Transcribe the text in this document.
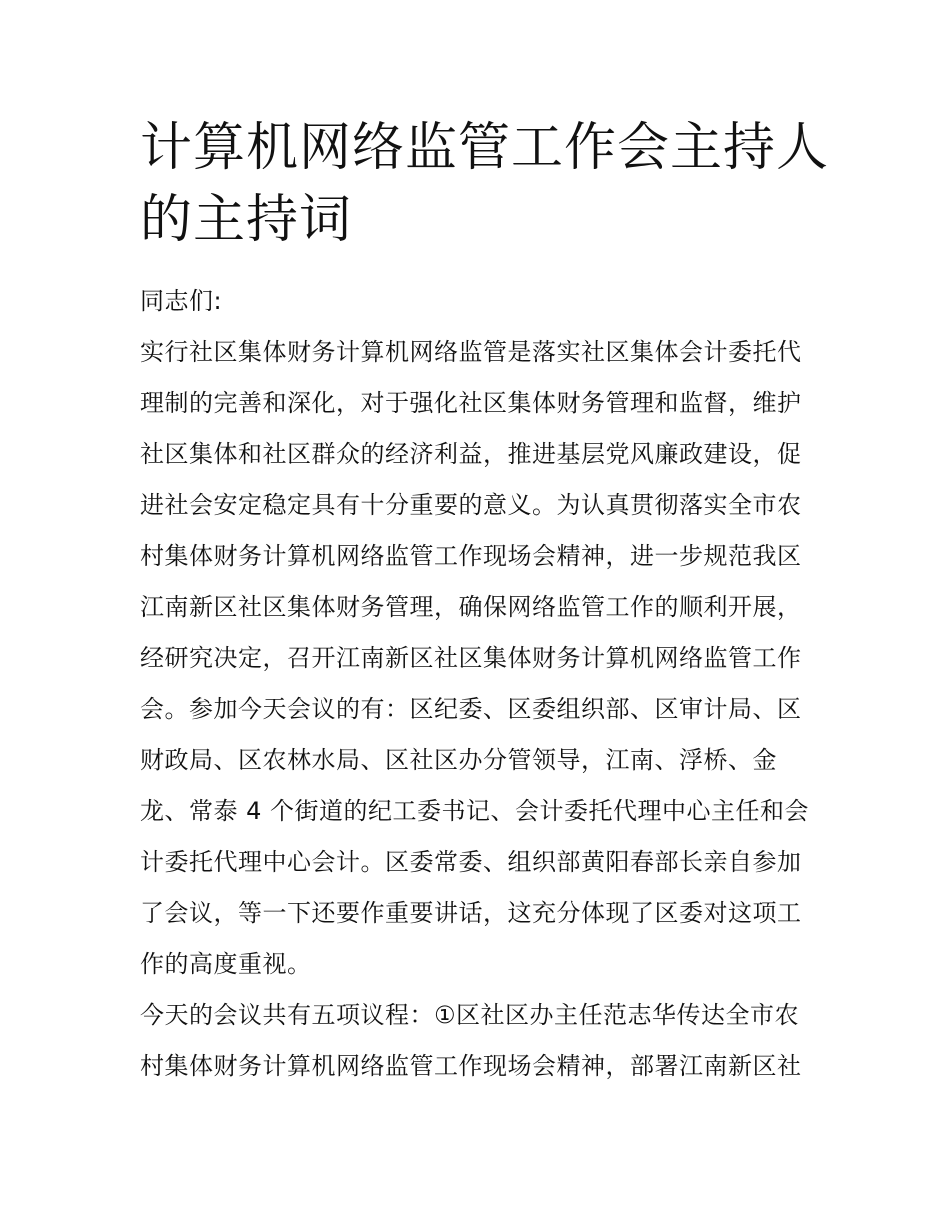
计算机网络监管工作会主持人
的主持词
同志们:
实行社区集体财务计算机网络监管是落实社区集体会计委托代
理制的完善和深化，对于强化社区集体财务管理和监督，维护
社区集体和社区群众的经济利益，推进基层党风廉政建设，促
进社会安定稳定具有十分重要的意义。为认真贯彻落实全市农
村集体财务计算机网络监管工作现场会精神，进一步规范我区
江南新区社区集体财务管理，确保网络监管工作的顺利开展，
经研究决定，召开江南新区社区集体财务计算机网络监管工作
会。参加今天会议的有：区纪委、区委组织部、区审计局、区
财政局、区农林水局、区社区办分管领导，江南、浮桥、金
龙、常泰 4 个街道的纪工委书记、会计委托代理中心主任和会
计委托代理中心会计。区委常委、组织部黄阳春部长亲自参加
了会议，等一下还要作重要讲话，这充分体现了区委对这项工
作的高度重视。
今天的会议共有五项议程：①区社区办主任范志华传达全市农
村集体财务计算机网络监管工作现场会精神，部署江南新区社
